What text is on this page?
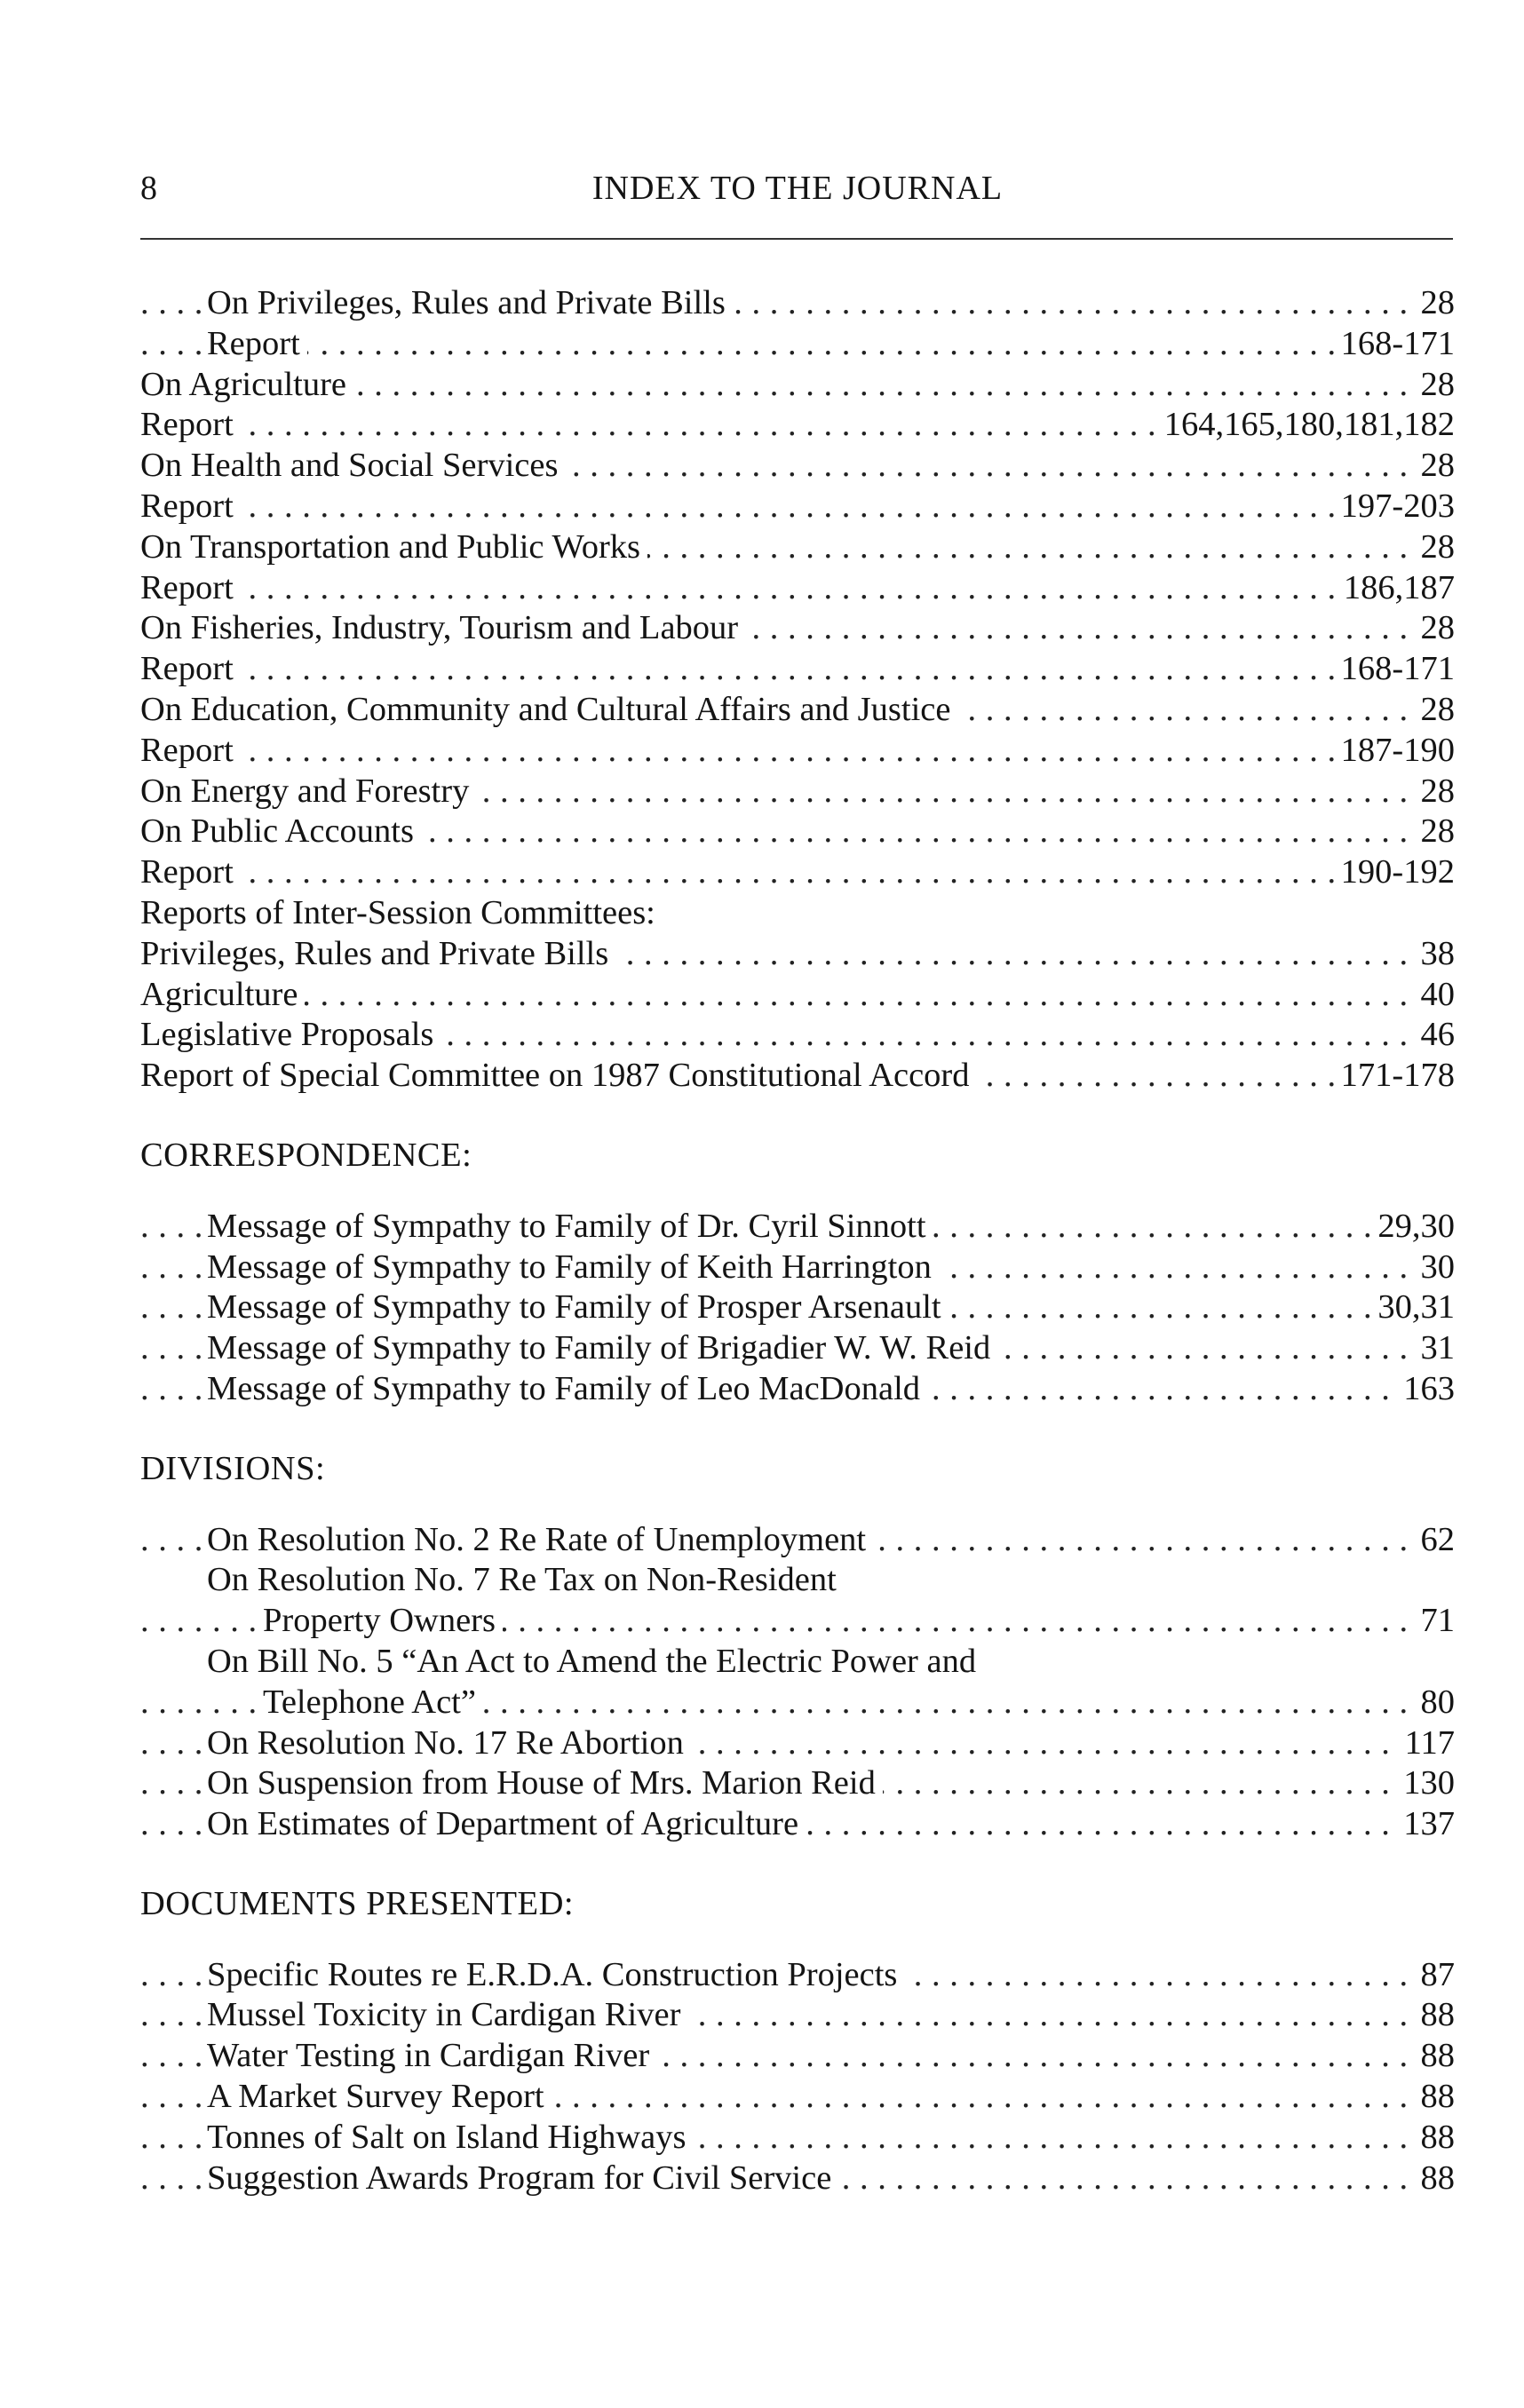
8	INDEX TO THE JOURNAL
. . . On Privileges, Rules and Private Bills	28
. . . Report	168-171
. . . On Agriculture	28
. . . Report	164,165,180,181,182
. . . On Health and Social Services	28
. . . Report	197-203
. . . On Transportation and Public Works	28
. . . Report	186,187
. . . On Fisheries, Industry, Tourism and Labour	28
. . . Report	168-171
. . . On Education, Community and Cultural Affairs and Justice	28
. . . Report	187-190
. . . On Energy and Forestry	28
. . . On Public Accounts	28
. . . Report	190-192
Reports of Inter-Session Committees:
. . . Privileges, Rules and Private Bills	38
. . . Agriculture	40
. . . Legislative Proposals	46
. . . Report of Special Committee on 1987 Constitutional Accord	171-178
CORRESPONDENCE:
. . . Message of Sympathy to Family of Dr. Cyril Sinnott	29,30
. . . Message of Sympathy to Family of Keith Harrington	30
. . . Message of Sympathy to Family of Prosper Arsenault	30,31
. . . Message of Sympathy to Family of Brigadier W. W. Reid	31
. . . Message of Sympathy to Family of Leo MacDonald	163
DIVISIONS:
. . . On Resolution No. 2 Re Rate of Unemployment	62
On Resolution No. 7 Re Tax on Non-Resident
. . . Property Owners	71
On Bill No. 5 “An Act to Amend the Electric Power and
. . . Telephone Act”	80
. . . On Resolution No. 17 Re Abortion	117
. . . On Suspension from House of Mrs. Marion Reid	130
. . . On Estimates of Department of Agriculture	137
DOCUMENTS PRESENTED:
. . . Specific Routes re E.R.D.A. Construction Projects	87
. . . Mussel Toxicity in Cardigan River	88
. . . Water Testing in Cardigan River	88
. . . A Market Survey Report	88
. . . Tonnes of Salt on Island Highways	88
. . . Suggestion Awards Program for Civil Service	88
